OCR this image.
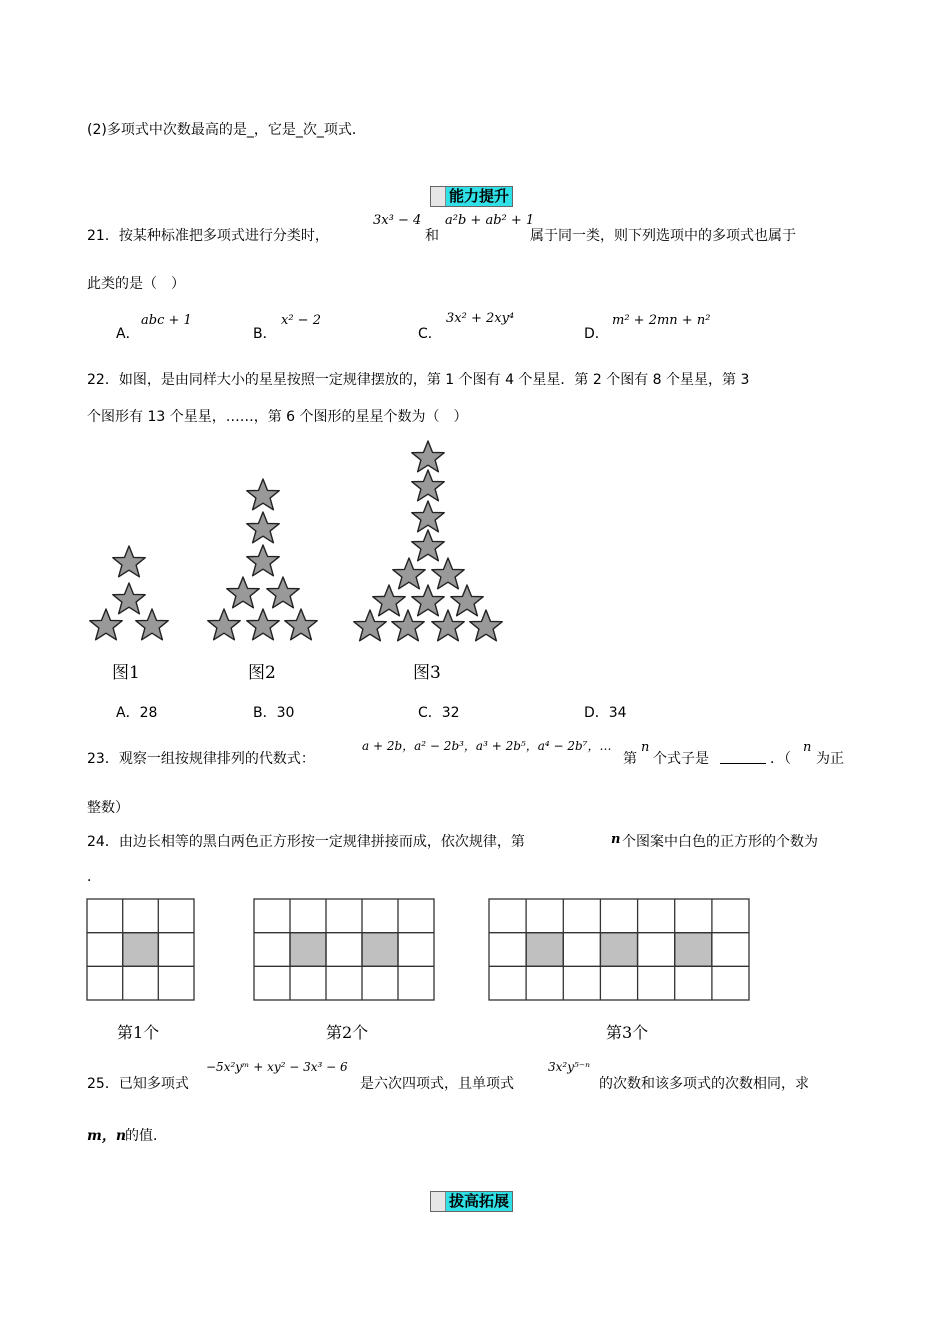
(2)多项式中次数最高的是_，它是_次_项式．
能力提升
21．按某种标准把多项式进行分类时，
3x³ − 4
和
a²b + ab² + 1
属于同一类，则下列选项中的多项式也属于
此类的是（　）
A．
abc + 1
B．
x² − 2
C．
3x² + 2xy⁴
D．
m² + 2mn + n²
22．如图，是由同样大小的星星按照一定规律摆放的，第 1 个图有 4 个星星．第 2 个图有 8 个星星，第 3
个图形有 13 个星星，……，第 6 个图形的星星个数为（　）
图1	图2	图3
A．28	B．30	C．32	D．34
23．观察一组按规律排列的代数式：
a + 2b，a² − 2b³，a³ + 2b⁵，a⁴ − 2b⁷，…
第
n
个式子是	．（
n
为正
整数）
24．由边长相等的黑白两色正方形按一定规律拼接而成，依次规律，第	n 个图案中白色的正方形的个数为
．
第1个	第2个	第3个
25．已知多项式
−5x²yᵐ + xy² − 3x³ − 6
是六次四项式，且单项式
3x²y⁵⁻ⁿ
的次数和该多项式的次数相同，求
m，n 的值．
拔高拓展
